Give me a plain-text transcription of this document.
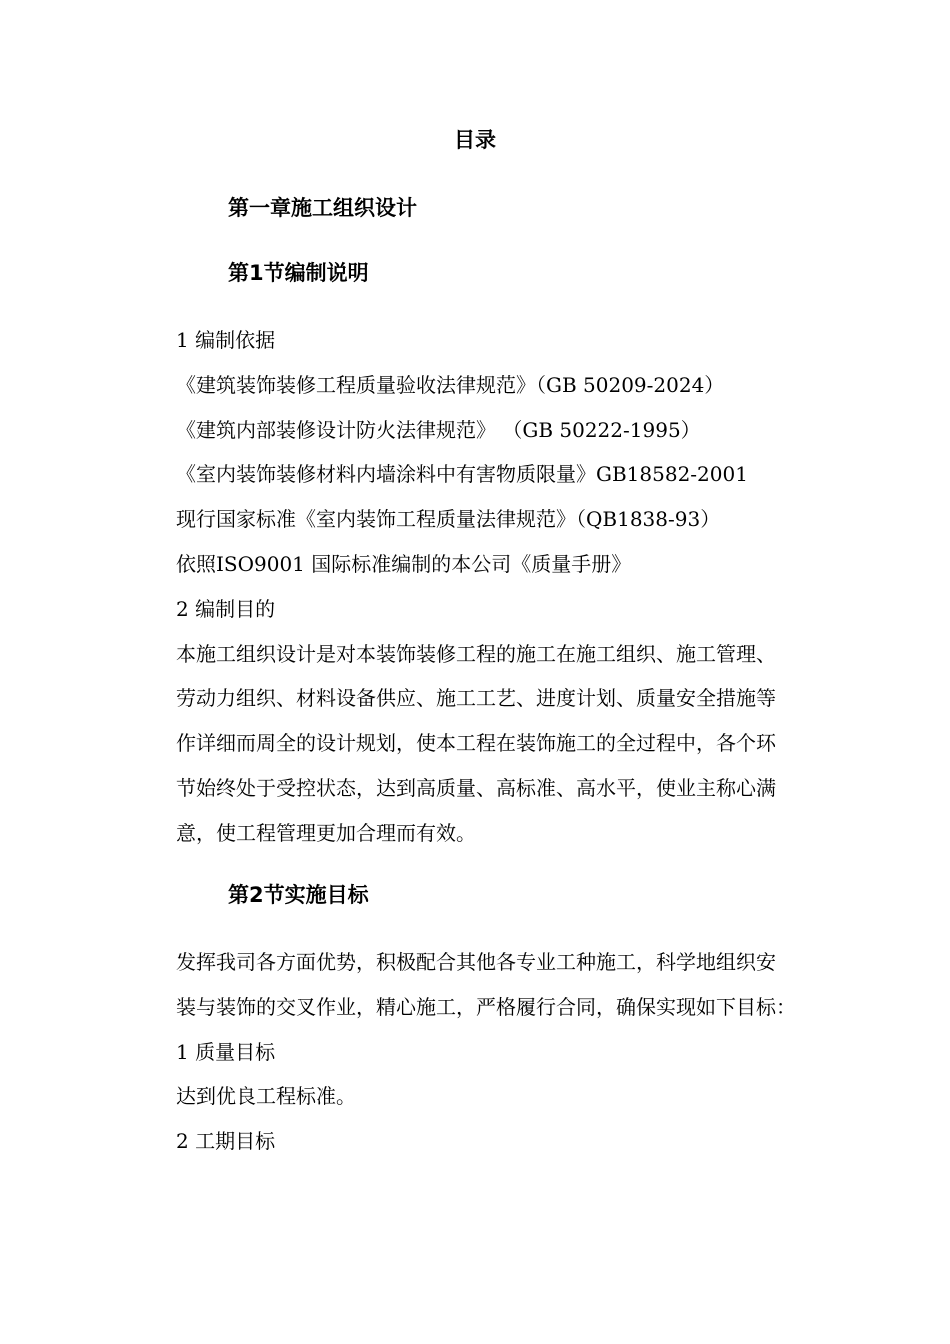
目录
第一章施工组织设计
第1节编制说明
1 编制依据
《建筑装饰装修工程质量验收法律规范》（GB 50209-2024）
《建筑内部装修设计防火法律规范》 （GB 50222-1995）
《室内装饰装修材料内墙涂料中有害物质限量》GB18582-2001
现行国家标准《室内装饰工程质量法律规范》（QB1838-93）
依照ISO9001 国际标准编制的本公司《质量手册》
2 编制目的
本施工组织设计是对本装饰装修工程的施工在施工组织、施工管理、
劳动力组织、材料设备供应、施工工艺、进度计划、质量安全措施等
作详细而周全的设计规划，使本工程在装饰施工的全过程中，各个环
节始终处于受控状态，达到高质量、高标准、高水平，使业主称心满
意，使工程管理更加合理而有效。
第2节实施目标
发挥我司各方面优势，积极配合其他各专业工种施工，科学地组织安
装与装饰的交叉作业，精心施工，严格履行合同，确保实现如下目标：
1 质量目标
达到优良工程标准。
2 工期目标
